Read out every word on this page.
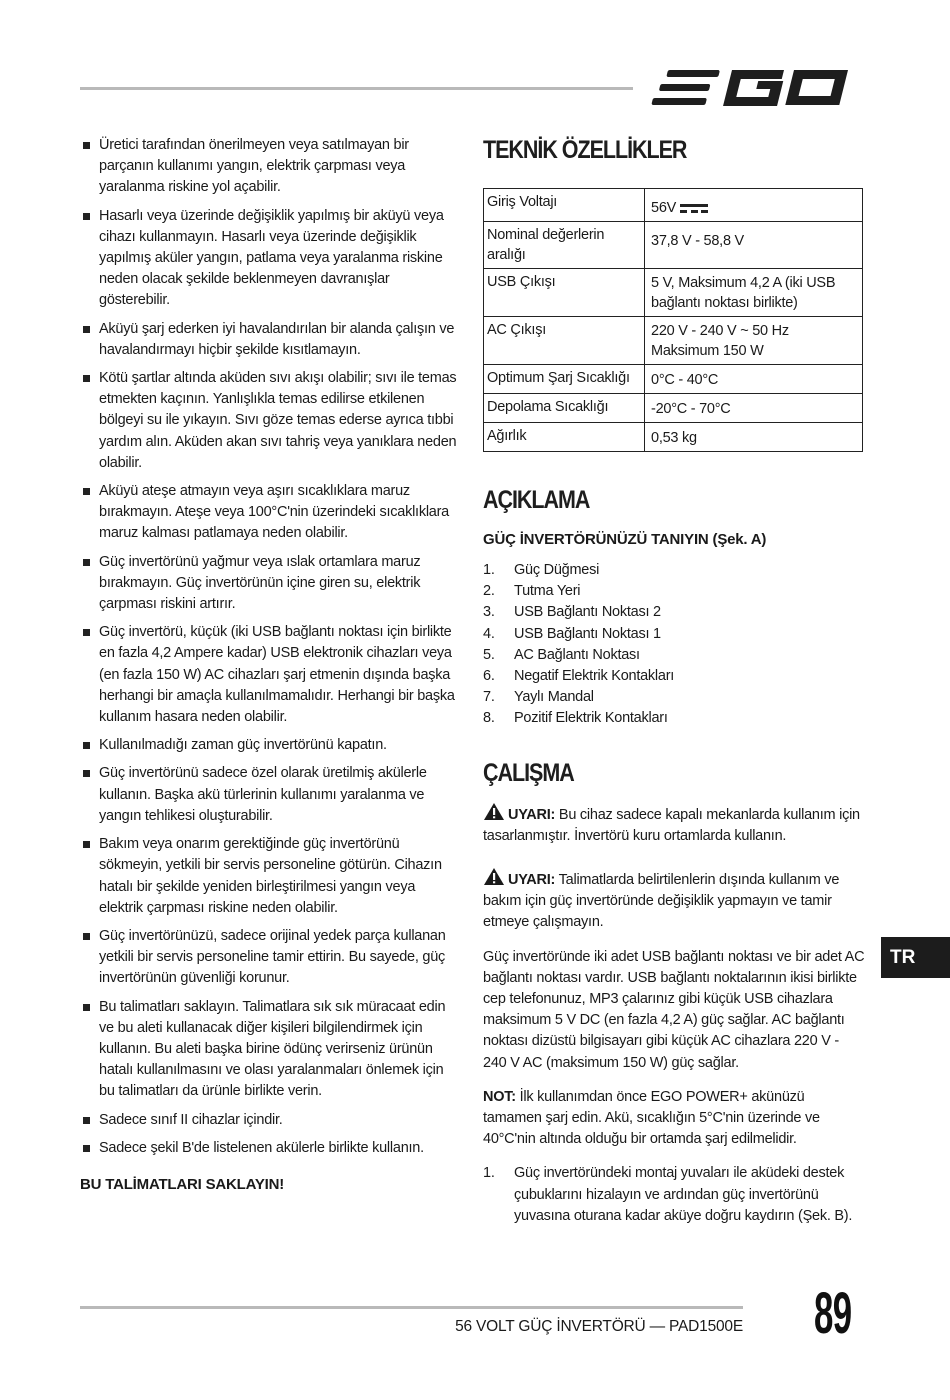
Üretici tarafından önerilmeyen veya satılmayan bir parçanın kullanımı yangın, elektrik çarpması veya yaralanma riskine yol açabilir.
Hasarlı veya üzerinde değişiklik yapılmış bir aküyü veya cihazı kullanmayın. Hasarlı veya üzerinde değişiklik yapılmış aküler yangın, patlama veya yaralanma riskine neden olacak şekilde beklenmeyen davranışlar gösterebilir.
Aküyü şarj ederken iyi havalandırılan bir alanda çalışın ve havalandırmayı hiçbir şekilde kısıtlamayın.
Kötü şartlar altında aküden sıvı akışı olabilir; sıvı ile temas etmekten kaçının. Yanlışlıkla temas edilirse etkilenen bölgeyi su ile yıkayın. Sıvı göze temas ederse ayrıca tıbbi yardım alın. Aküden akan sıvı tahriş veya yanıklara neden olabilir.
Aküyü ateşe atmayın veya aşırı sıcaklıklara maruz bırakmayın. Ateşe veya 100°C'nin üzerindeki sıcaklıklara maruz kalması patlamaya neden olabilir.
Güç invertörünü yağmur veya ıslak ortamlara maruz bırakmayın. Güç invertörünün içine giren su, elektrik çarpması riskini artırır.
Güç invertörü, küçük (iki USB bağlantı noktası için birlikte en fazla 4,2 Ampere kadar) USB elektronik cihazları veya (en fazla 150 W) AC cihazları şarj etmenin dışında başka herhangi bir amaçla kullanılmamalıdır. Herhangi bir başka kullanım hasara neden olabilir.
Kullanılmadığı zaman güç invertörünü kapatın.
Güç invertörünü sadece özel olarak üretilmiş akülerle kullanın. Başka akü türlerinin kullanımı yaralanma ve yangın tehlikesi oluşturabilir.
Bakım veya onarım gerektiğinde güç invertörünü sökmeyin, yetkili bir servis personeline götürün. Cihazın hatalı bir şekilde yeniden birleştirilmesi yangın veya elektrik çarpması riskine neden olabilir.
Güç invertörünüzü, sadece orijinal yedek parça kullanan yetkili bir servis personeline tamir ettirin. Bu sayede, güç invertörünün güvenliği korunur.
Bu talimatları saklayın. Talimatlara sık sık müracaat edin ve bu aleti kullanacak diğer kişileri bilgilendirmek için kullanın. Bu aleti başka birine ödünç verirseniz ürünün hatalı kullanılmasını ve olası yaralanmaları önlemek için bu talimatları da ürünle birlikte verin.
Sadece sınıf II cihazlar içindir.
Sadece şekil B'de listelenen akülerle birlikte kullanın.
BU TALİMATLARI SAKLAYIN!
TEKNİK ÖZELLİKLER
Giriş Voltajı	56V

Nominal değerlerin aralığı	37,8 V - 58,8 V
USB Çıkışı	5 V, Maksimum 4,2 A (iki USB bağlantı noktası birlikte)
AC Çıkışı	220 V - 240 V ~ 50 Hz Maksimum 150 W
Optimum Şarj Sıcaklığı	0°C - 40°C
Depolama Sıcaklığı	-20°C - 70°C
Ağırlık	0,53 kg
AÇIKLAMA
GÜÇ İNVERTÖRÜNÜZÜ TANIYIN (Şek. A)
1. Güç Düğmesi
2. Tutma Yeri
3. USB Bağlantı Noktası 2
4. USB Bağlantı Noktası 1
5. AC Bağlantı Noktası
6. Negatif Elektrik Kontakları
7. Yaylı Mandal
8. Pozitif Elektrik Kontakları
ÇALIŞMA

UYARI: Bu cihaz sadece kapalı mekanlarda kullanım için tasarlanmıştır. İnvertörü kuru ortamlarda kullanın.

UYARI: Talimatlarda belirtilenlerin dışında kullanım ve bakım için güç invertöründe değişiklik yapmayın ve tamir etmeye çalışmayın.

Güç invertöründe iki adet USB bağlantı noktası ve bir adet AC bağlantı noktası vardır. USB bağlantı noktalarının ikisi birlikte cep telefonunuz, MP3 çalarınız gibi küçük USB cihazlara maksimum 5 V DC (en fazla 4,2 A) güç sağlar. AC bağlantı noktası dizüstü bilgisayarı gibi küçük AC cihazlara 220 V - 240 V AC (maksimum 150 W) güç sağlar.

NOT: İlk kullanımdan önce EGO POWER+ akünüzü tamamen şarj edin. Akü, sıcaklığın 5°C'nin üzerinde ve 40°C'nin altında olduğu bir ortamda şarj edilmelidir.

1. Güç invertöründeki montaj yuvaları ile aküdeki destek çubuklarını hizalayın ve ardından güç invertörünü yuvasına oturana kadar aküye doğru kaydırın (Şek. B).
TR
56 VOLT GÜÇ İNVERTÖRÜ — PAD1500E 89
